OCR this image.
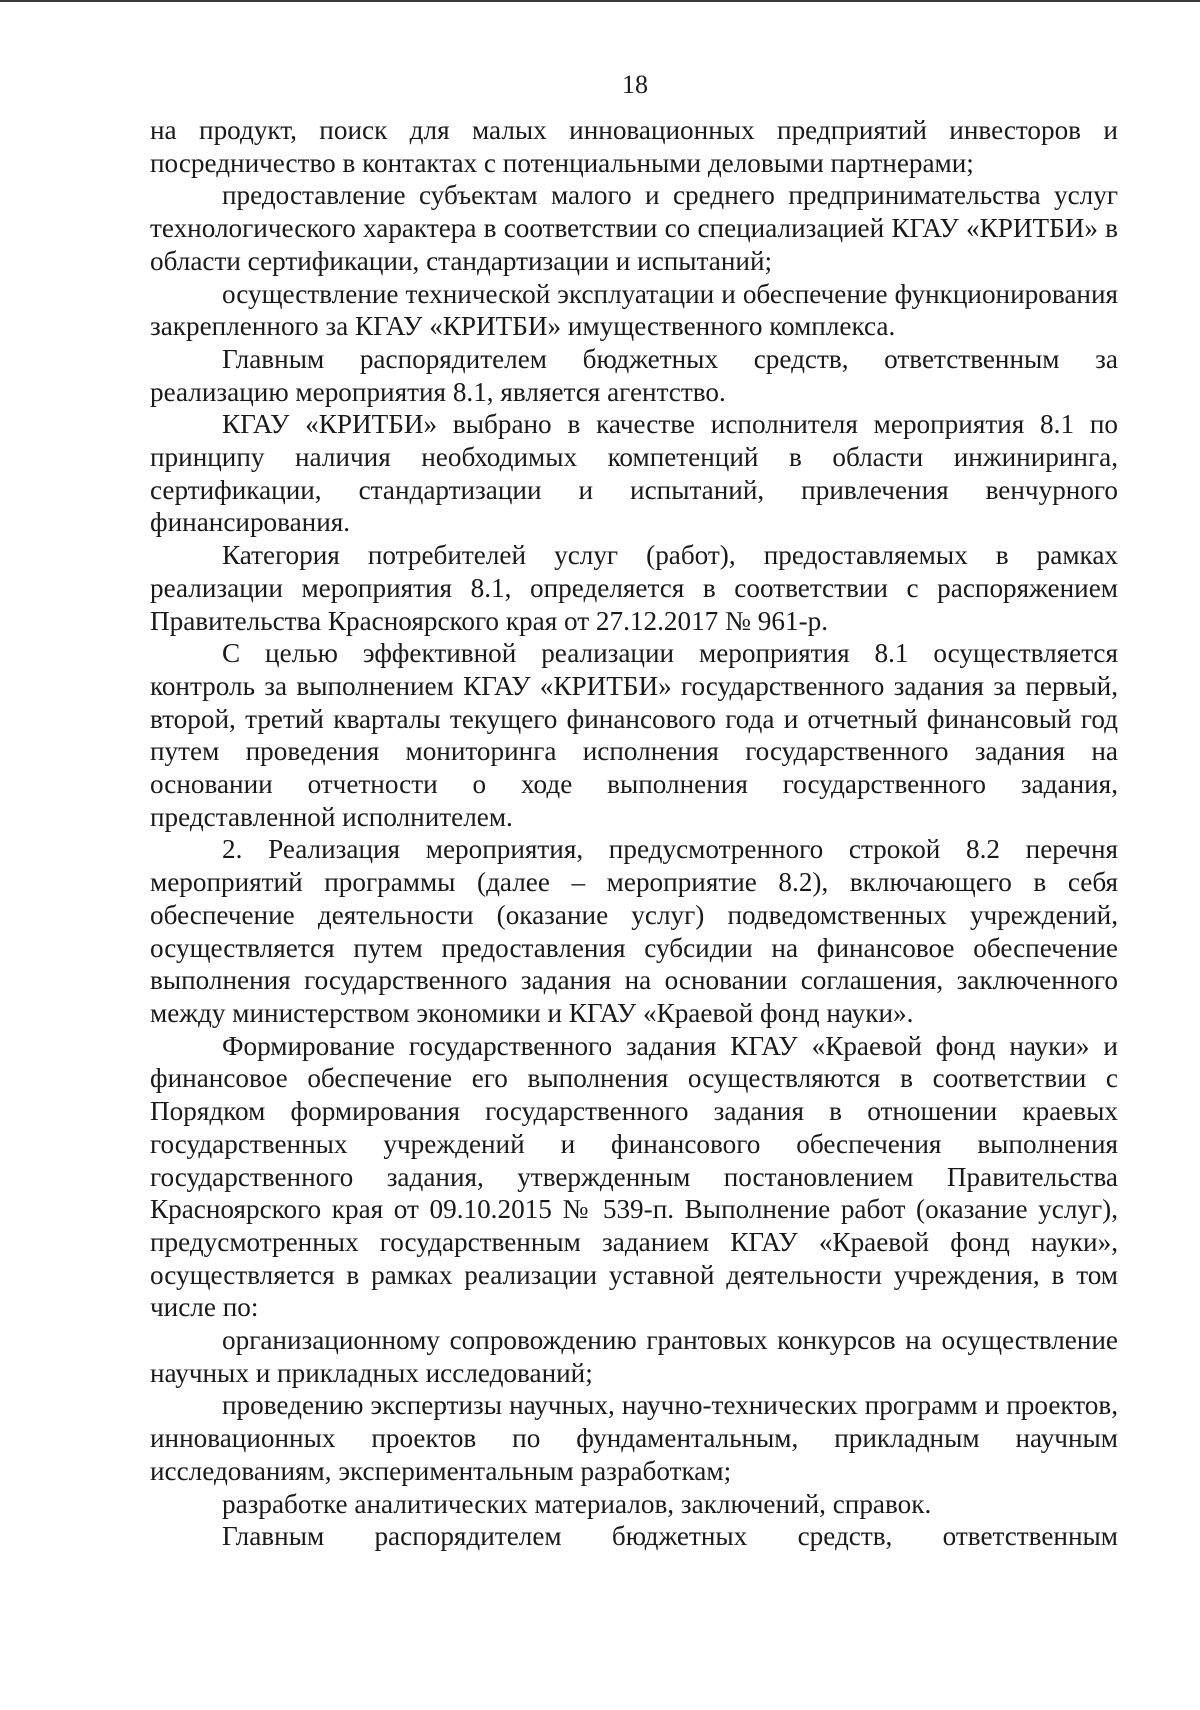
18

на продукт, поиск для малых инновационных предприятий инвесторов и посредничество в контактах с потенциальными деловыми партнерами;

предоставление субъектам малого и среднего предпринимательства услуг технологического характера в соответствии со специализацией КГАУ «КРИТБИ» в области сертификации, стандартизации и испытаний;

осуществление технической эксплуатации и обеспечение функционирования закрепленного за КГАУ «КРИТБИ» имущественного комплекса.

Главным распорядителем бюджетных средств, ответственным за реализацию мероприятия 8.1, является агентство.

КГАУ «КРИТБИ» выбрано в качестве исполнителя мероприятия 8.1 по принципу наличия необходимых компетенций в области инжиниринга, сертификации, стандартизации и испытаний, привлечения венчурного финансирования.

Категория потребителей услуг (работ), предоставляемых в рамках реализации мероприятия 8.1, определяется в соответствии с распоряжением Правительства Красноярского края от 27.12.2017 № 961-р.

С целью эффективной реализации мероприятия 8.1 осуществляется контроль за выполнением КГАУ «КРИТБИ» государственного задания за первый, второй, третий кварталы текущего финансового года и отчетный финансовый год путем проведения мониторинга исполнения государственного задания на основании отчетности о ходе выполнения государственного задания, представленной исполнителем.

2. Реализация мероприятия, предусмотренного строкой 8.2 перечня мероприятий программы (далее – мероприятие 8.2), включающего в себя обеспечение деятельности (оказание услуг) подведомственных учреждений, осуществляется путем предоставления субсидии на финансовое обеспечение выполнения государственного задания на основании соглашения, заключенного между министерством экономики и КГАУ «Краевой фонд науки».

Формирование государственного задания КГАУ «Краевой фонд науки» и финансовое обеспечение его выполнения осуществляются в соответствии с Порядком формирования государственного задания в отношении краевых государственных учреждений и финансового обеспечения выполнения государственного задания, утвержденным постановлением Правительства Красноярского края от 09.10.2015 № 539-п. Выполнение работ (оказание услуг), предусмотренных государственным заданием КГАУ «Краевой фонд науки», осуществляется в рамках реализации уставной деятельности учреждения, в том числе по:

организационному сопровождению грантовых конкурсов на осуществление научных и прикладных исследований;

проведению экспертизы научных, научно-технических программ и проектов, инновационных проектов по фундаментальным, прикладным научным исследованиям, экспериментальным разработкам;

разработке аналитических материалов, заключений, справок.

Главным распорядителем бюджетных средств, ответственным
